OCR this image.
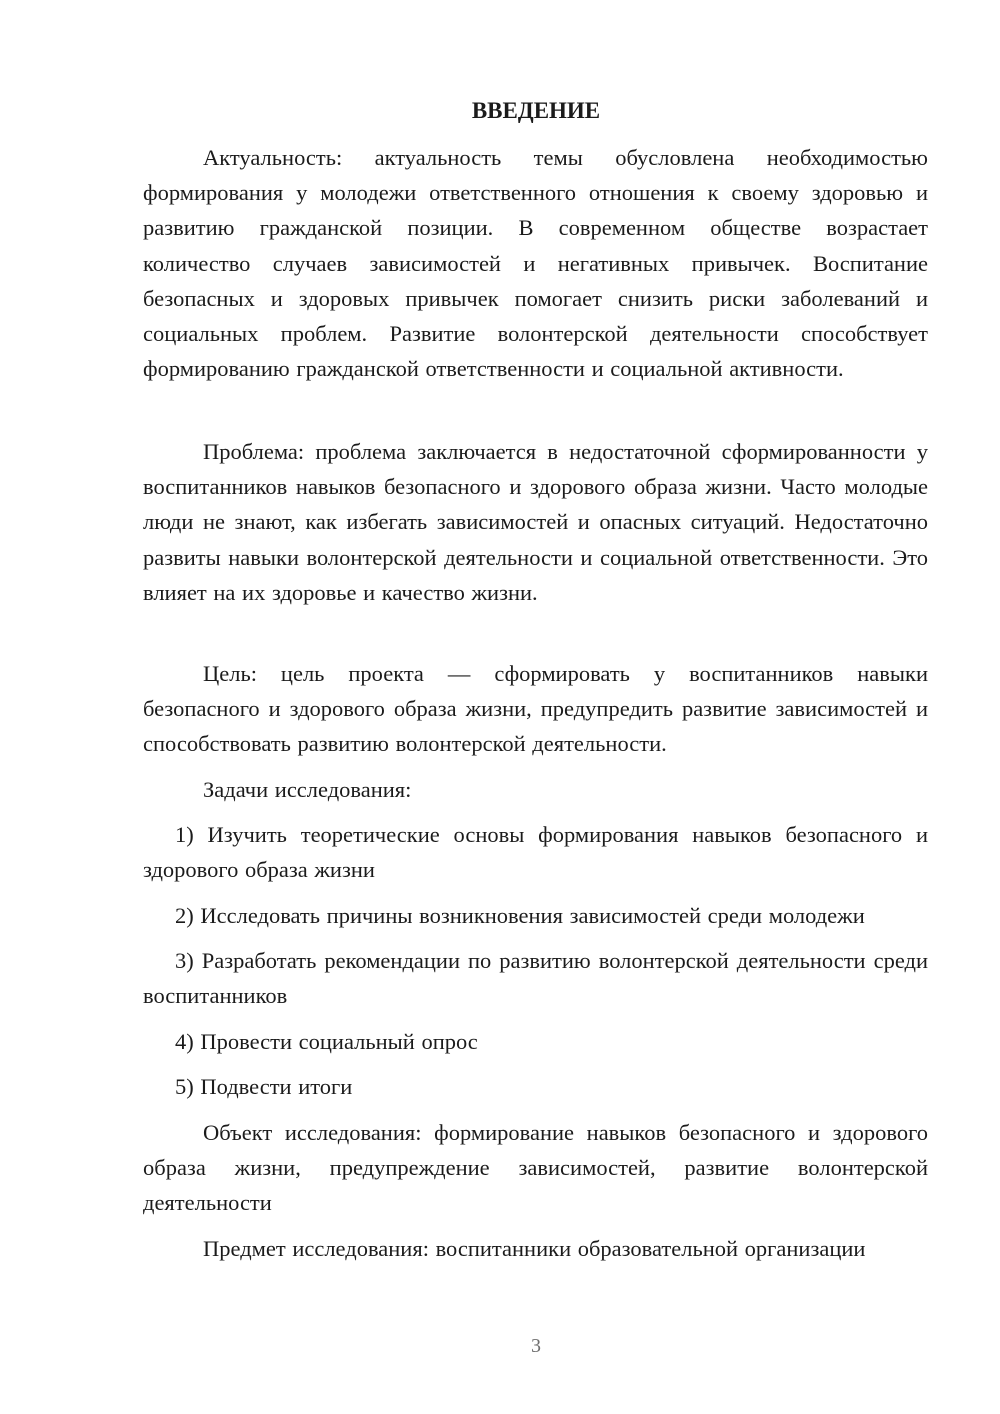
ВВЕДЕНИЕ

Актуальность: актуальность темы обусловлена необходимостью формирования у молодежи ответственного отношения к своему здоровью и развитию гражданской позиции. В современном обществе возрастает количество случаев зависимостей и негативных привычек. Воспитание безопасных и здоровых привычек помогает снизить риски заболеваний и социальных проблем. Развитие волонтерской деятельности способствует формированию гражданской ответственности и социальной активности.

Проблема: проблема заключается в недостаточной сформированности у воспитанников навыков безопасного и здорового образа жизни. Часто молодые люди не знают, как избегать зависимостей и опасных ситуаций. Недостаточно развиты навыки волонтерской деятельности и социальной ответственности. Это влияет на их здоровье и качество жизни.

Цель: цель проекта — сформировать у воспитанников навыки безопасного и здорового образа жизни, предупредить развитие зависимостей и способствовать развитию волонтерской деятельности.

Задачи исследования:

1) Изучить теоретические основы формирования навыков безопасного и здорового образа жизни

2) Исследовать причины возникновения зависимостей среди молодежи

3) Разработать рекомендации по развитию волонтерской деятельности среди воспитанников

4) Провести социальный опрос

5) Подвести итоги

Объект исследования: формирование навыков безопасного и здорового образа жизни, предупреждение зависимостей, развитие волонтерской деятельности

Предмет исследования: воспитанники образовательной организации

3
